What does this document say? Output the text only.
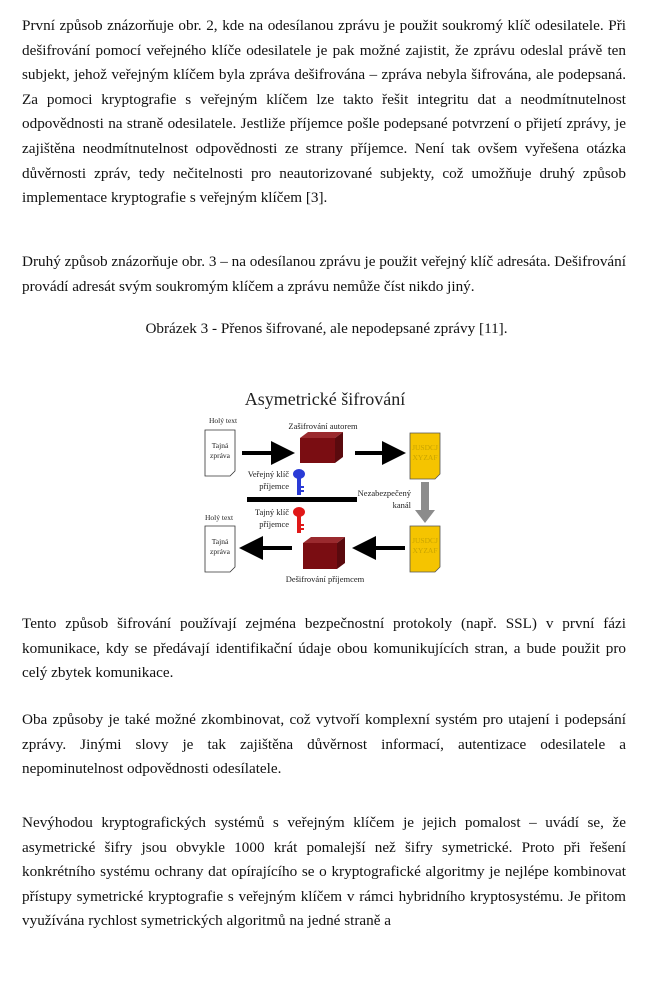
První způsob znázorňuje obr. 2, kde na odesílanou zprávu je použit soukromý klíč odesilatele. Při dešifrování pomocí veřejného klíče odesilatele je pak možné zajistit, že zprávu odeslal právě ten subjekt, jehož veřejným klíčem byla zpráva dešifrována – zpráva nebyla šifrována, ale podepsaná. Za pomoci kryptografie s veřejným klíčem lze takto řešit integritu dat a neodmítnutelnost odpovědnosti na straně odesilatele. Jestliže příjemce pošle podepsané potvrzení o přijetí zprávy, je zajištěna neodmítnutelnost odpovědnosti ze strany příjemce. Není tak ovšem vyřešena otázka důvěrnosti zpráv, tedy nečitelnosti pro neautorizované subjekty, což umožňuje druhý způsob implementace kryptografie s veřejným klíčem [3].

Druhý způsob znázorňuje obr. 3 – na odesílanou zprávu je použit veřejný klíč adresáta. Dešifrování provádí adresát svým soukromým klíčem a zprávu nemůže číst nikdo jiný.

Obrázek 3 - Přenos šifrované, ale nepodepsané zprávy [11].
Asymetrické šifrování
Holý text
Tajná
zpráva
Zašifrování autorem
JUSDCJ
XYZAF
Veřejný klíč
příjemce
Nezabezpečený
kanál
Tajný klíč
příjemce
Holý text
Tajná
zpráva
Dešifrování příjemcem
JUSDCJ
XYZAF

Tento způsob šifrování používají zejména bezpečnostní protokoly (např. SSL) v první fázi komunikace, kdy se předávají identifikační údaje obou komunikujících stran, a bude použit pro celý zbytek komunikace.

Oba způsoby je také možné zkombinovat, což vytvoří komplexní systém pro utajení i podepsání zprávy. Jinými slovy je tak zajištěna důvěrnost informací, autentizace odesilatele a nepominutelnost odpovědnosti odesílatele.

Nevýhodou kryptografických systémů s veřejným klíčem je jejich pomalost – uvádí se, že asymetrické šifry jsou obvykle 1000 krát pomalejší než šifry symetrické. Proto při řešení konkrétního systému ochrany dat opírajícího se o kryptografické algoritmy je nejlépe kombinovat přístupy symetrické kryptografie s veřejným klíčem v rámci hybridního kryptosystému. Je přitom využívána rychlost symetrických algoritmů na jedné straně a
